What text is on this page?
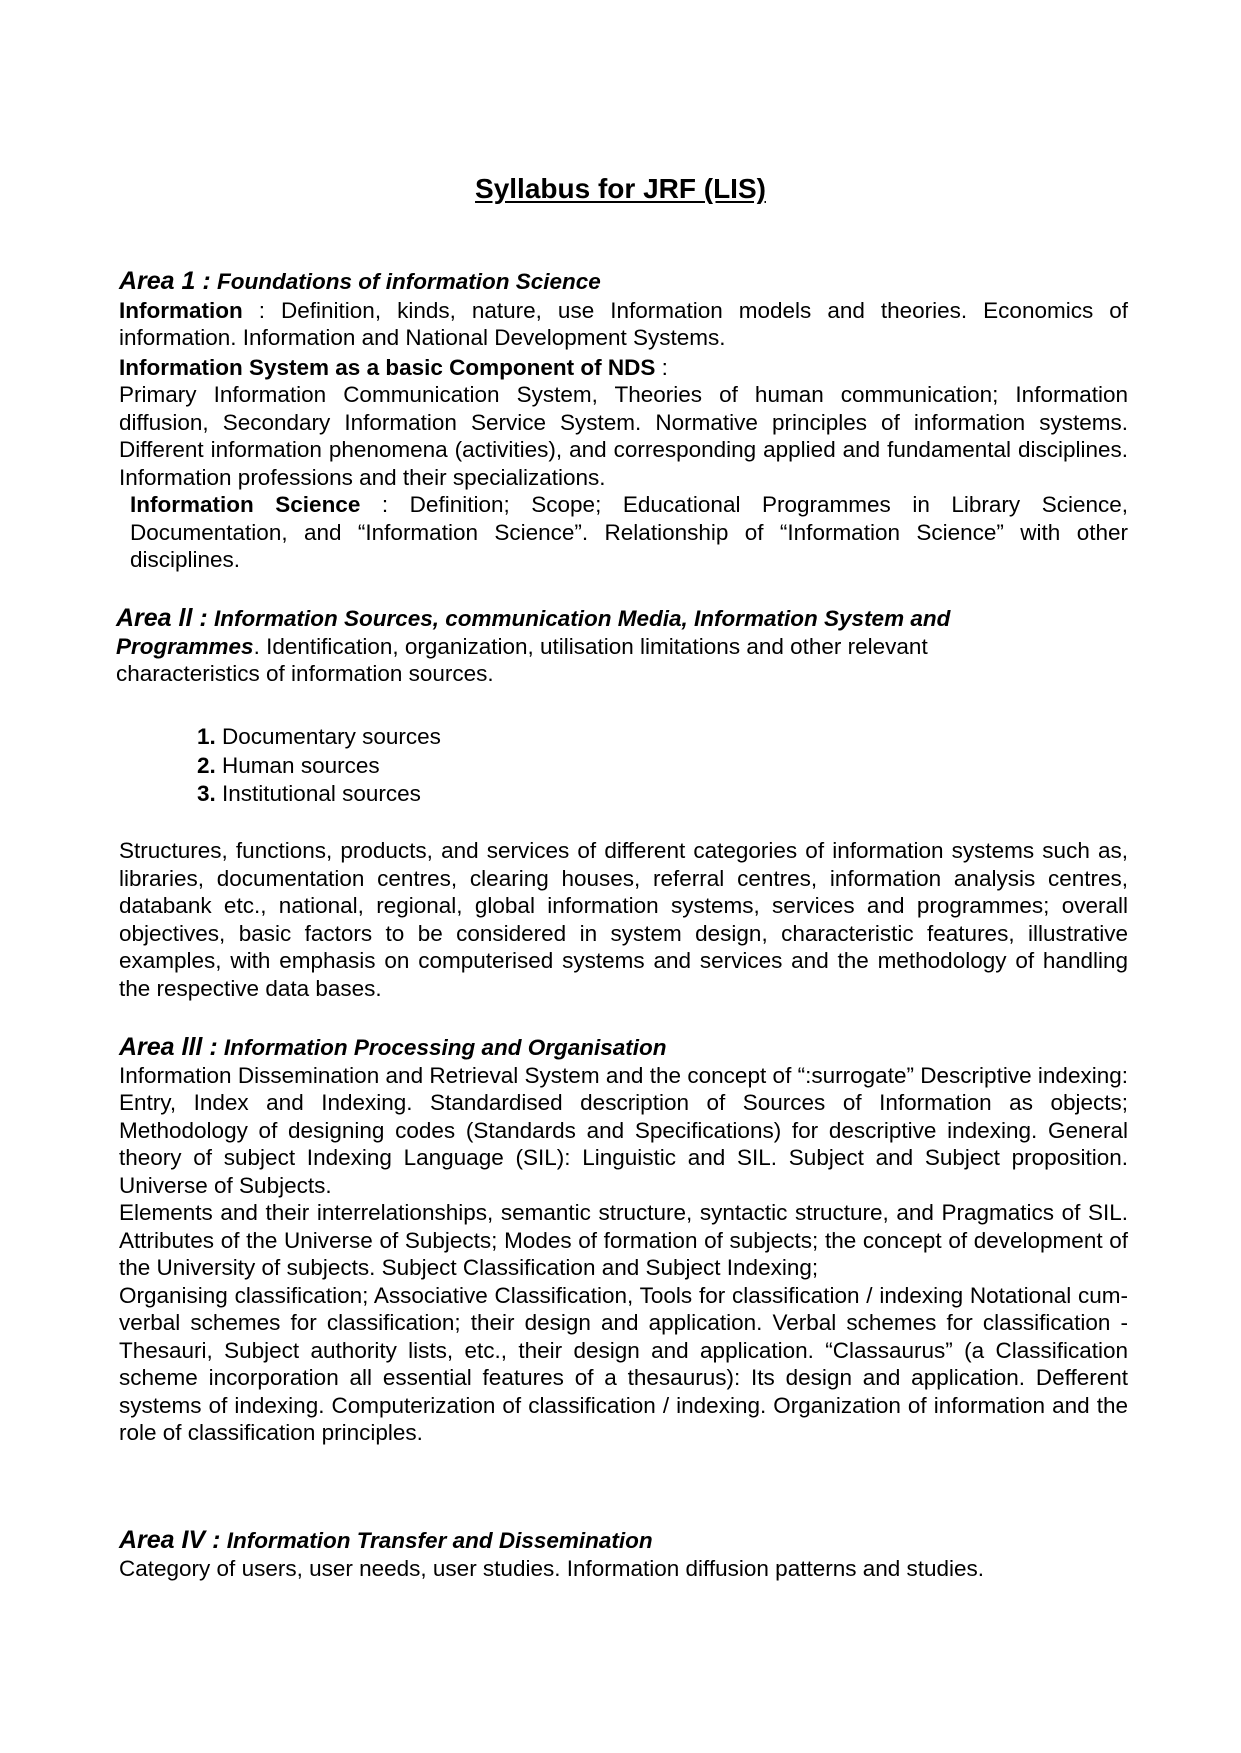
Syllabus for JRF (LIS)
Area 1 : Foundations of information Science

Information : Definition, kinds, nature, use Information models and theories. Economics of information. Information and National Development Systems.

Information System as a basic Component of NDS :

Primary Information Communication System, Theories of human communication; Information diffusion, Secondary Information Service System. Normative principles of information systems. Different information phenomena (activities), and corresponding applied and fundamental disciplines. Information professions and their specializations.

Information Science : Definition; Scope; Educational Programmes in Library Science, Documentation, and “Information Science”. Relationship of “Information Science” with other disciplines.

Area ll : Information Sources, communication Media, Information System and

Programmes. Identification, organization, utilisation limitations and other relevant characteristics of information sources.

1. Documentary sources
2. Human sources
3. Institutional sources

Structures, functions, products, and services of different categories of information systems such as, libraries, documentation centres, clearing houses, referral centres, information analysis centres, databank etc., national, regional, global information systems, services and programmes; overall objectives, basic factors to be considered in system design, characteristic features, illustrative examples, with emphasis on computerised systems and services and the methodology of handling the respective data bases.

Area lll : Information Processing and Organisation

Information Dissemination and Retrieval System and the concept of “:surrogate” Descriptive indexing: Entry, Index and Indexing. Standardised description of Sources of Information as objects; Methodology of designing codes (Standards and Specifications) for descriptive indexing. General theory of subject Indexing Language (SIL): Linguistic and SIL. Subject and Subject proposition. Universe of Subjects.

Elements and their interrelationships, semantic structure, syntactic structure, and Pragmatics of SIL. Attributes of the Universe of Subjects; Modes of formation of subjects; the concept of development of the University of subjects. Subject Classification and Subject Indexing;

Organising classification; Associative Classification, Tools for classification / indexing Notational cum-verbal schemes for classification; their design and application. Verbal schemes for classification - Thesauri, Subject authority lists, etc., their design and application. “Classaurus” (a Classification scheme incorporation all essential features of a thesaurus): Its design and application. Defferent systems of indexing. Computerization of classification / indexing. Organization of information and the role of classification principles.

Area IV : Information Transfer and Dissemination

Category of users, user needs, user studies. Information diffusion patterns and studies.
